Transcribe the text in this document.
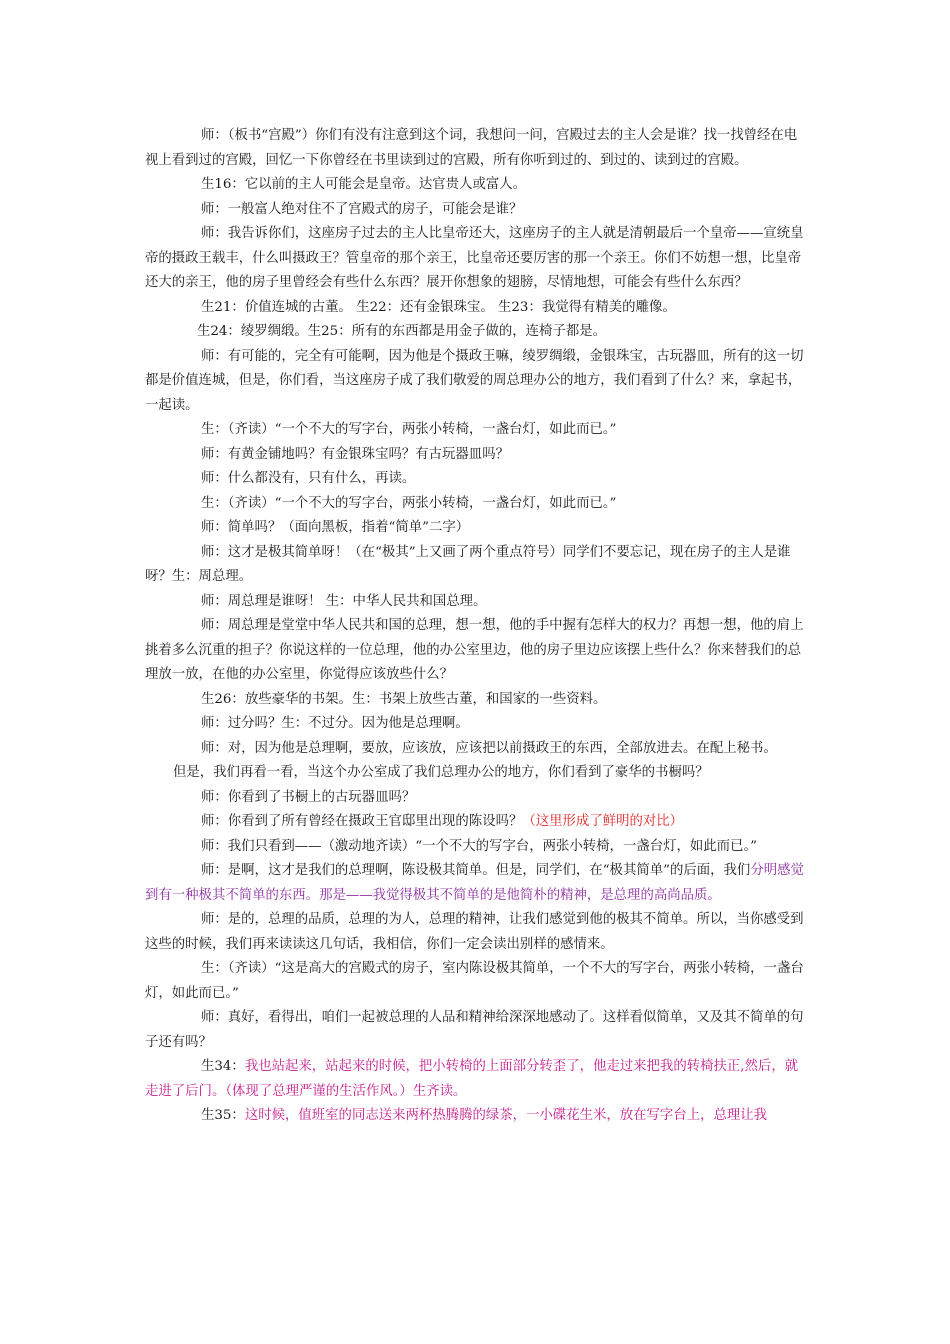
师：（板书“宫殿”）你们有没有注意到这个词，我想问一问，宫殿过去的主人会是谁？找一找曾经在电视上看到过的宫殿，回忆一下你曾经在书里读到过的宫殿，所有你听到过的、到过的、读到过的宫殿。

生16：它以前的主人可能会是皇帝。达官贵人或富人。

师：一般富人绝对住不了宫殿式的房子，可能会是谁？

师：我告诉你们，这座房子过去的主人比皇帝还大，这座房子的主人就是清朝最后一个皇帝——宣统皇帝的摄政王载丰，什么叫摄政王？管皇帝的那个亲王，比皇帝还要厉害的那一个亲王。你们不妨想一想，比皇帝还大的亲王，他的房子里曾经会有些什么东西？展开你想象的翅膀，尽情地想，可能会有些什么东西？

生21：价值连城的古董。 生22：还有金银珠宝。 生23：我觉得有精美的雕像。

生24：绫罗绸缎。生25：所有的东西都是用金子做的，连椅子都是。

师：有可能的，完全有可能啊，因为他是个摄政王嘛，绫罗绸缎，金银珠宝，古玩器皿，所有的这一切都是价值连城，但是，你们看，当这座房子成了我们敬爱的周总理办公的地方，我们看到了什么？来，拿起书，一起读。

生：（齐读）“一个不大的写字台，两张小转椅，一盏台灯，如此而已。”

师：有黄金铺地吗？有金银珠宝吗？有古玩器皿吗？

师：什么都没有，只有什么，再读。

生：（齐读）“一个不大的写字台，两张小转椅，一盏台灯，如此而已。”

师：简单吗？（面向黑板，指着“简单”二字）

师：这才是极其简单呀！（在“极其”上又画了两个重点符号）同学们不要忘记，现在房子的主人是谁呀？生：周总理。

师：周总理是谁呀！ 生：中华人民共和国总理。

师：周总理是堂堂中华人民共和国的总理，想一想，他的手中握有怎样大的权力？再想一想，他的肩上挑着多么沉重的担子？你说这样的一位总理，他的办公室里边，他的房子里边应该摆上些什么？你来替我们的总理放一放，在他的办公室里，你觉得应该放些什么？

生26：放些豪华的书架。生：书架上放些古董，和国家的一些资料。

师：过分吗？生：不过分。因为他是总理啊。

师：对，因为他是总理啊，要放，应该放，应该把以前摄政王的东西，全部放进去。在配上秘书。

但是，我们再看一看，当这个办公室成了我们总理办公的地方，你们看到了豪华的书橱吗？

师：你看到了书橱上的古玩器皿吗？

师：你看到了所有曾经在摄政王官邸里出现的陈设吗？（这里形成了鲜明的对比）

师：我们只看到——（激动地齐读）“一个不大的写字台，两张小转椅，一盏台灯，如此而已。”

师：是啊，这才是我们的总理啊，陈设极其简单。但是，同学们，在“极其简单”的后面，我们分明感觉到有一种极其不简单的东西。那是——我觉得极其不简单的是他简朴的精神，是总理的高尚品质。

师：是的，总理的品质，总理的为人，总理的精神，让我们感觉到他的极其不简单。所以，当你感受到这些的时候，我们再来读读这几句话，我相信，你们一定会读出别样的感情来。

生：（齐读）“这是高大的宫殿式的房子，室内陈设极其简单，一个不大的写字台，两张小转椅，一盏台灯，如此而已。”

师：真好，看得出，咱们一起被总理的人品和精神给深深地感动了。这样看似简单，又及其不简单的句子还有吗？

生34：我也站起来，站起来的时候，把小转椅的上面部分转歪了，他走过来把我的转椅扶正,然后，就走进了后门。（体现了总理严谨的生活作风。）生齐读。

生35：这时候，值班室的同志送来两杯热腾腾的绿茶，一小碟花生米，放在写字台上，总理让我
